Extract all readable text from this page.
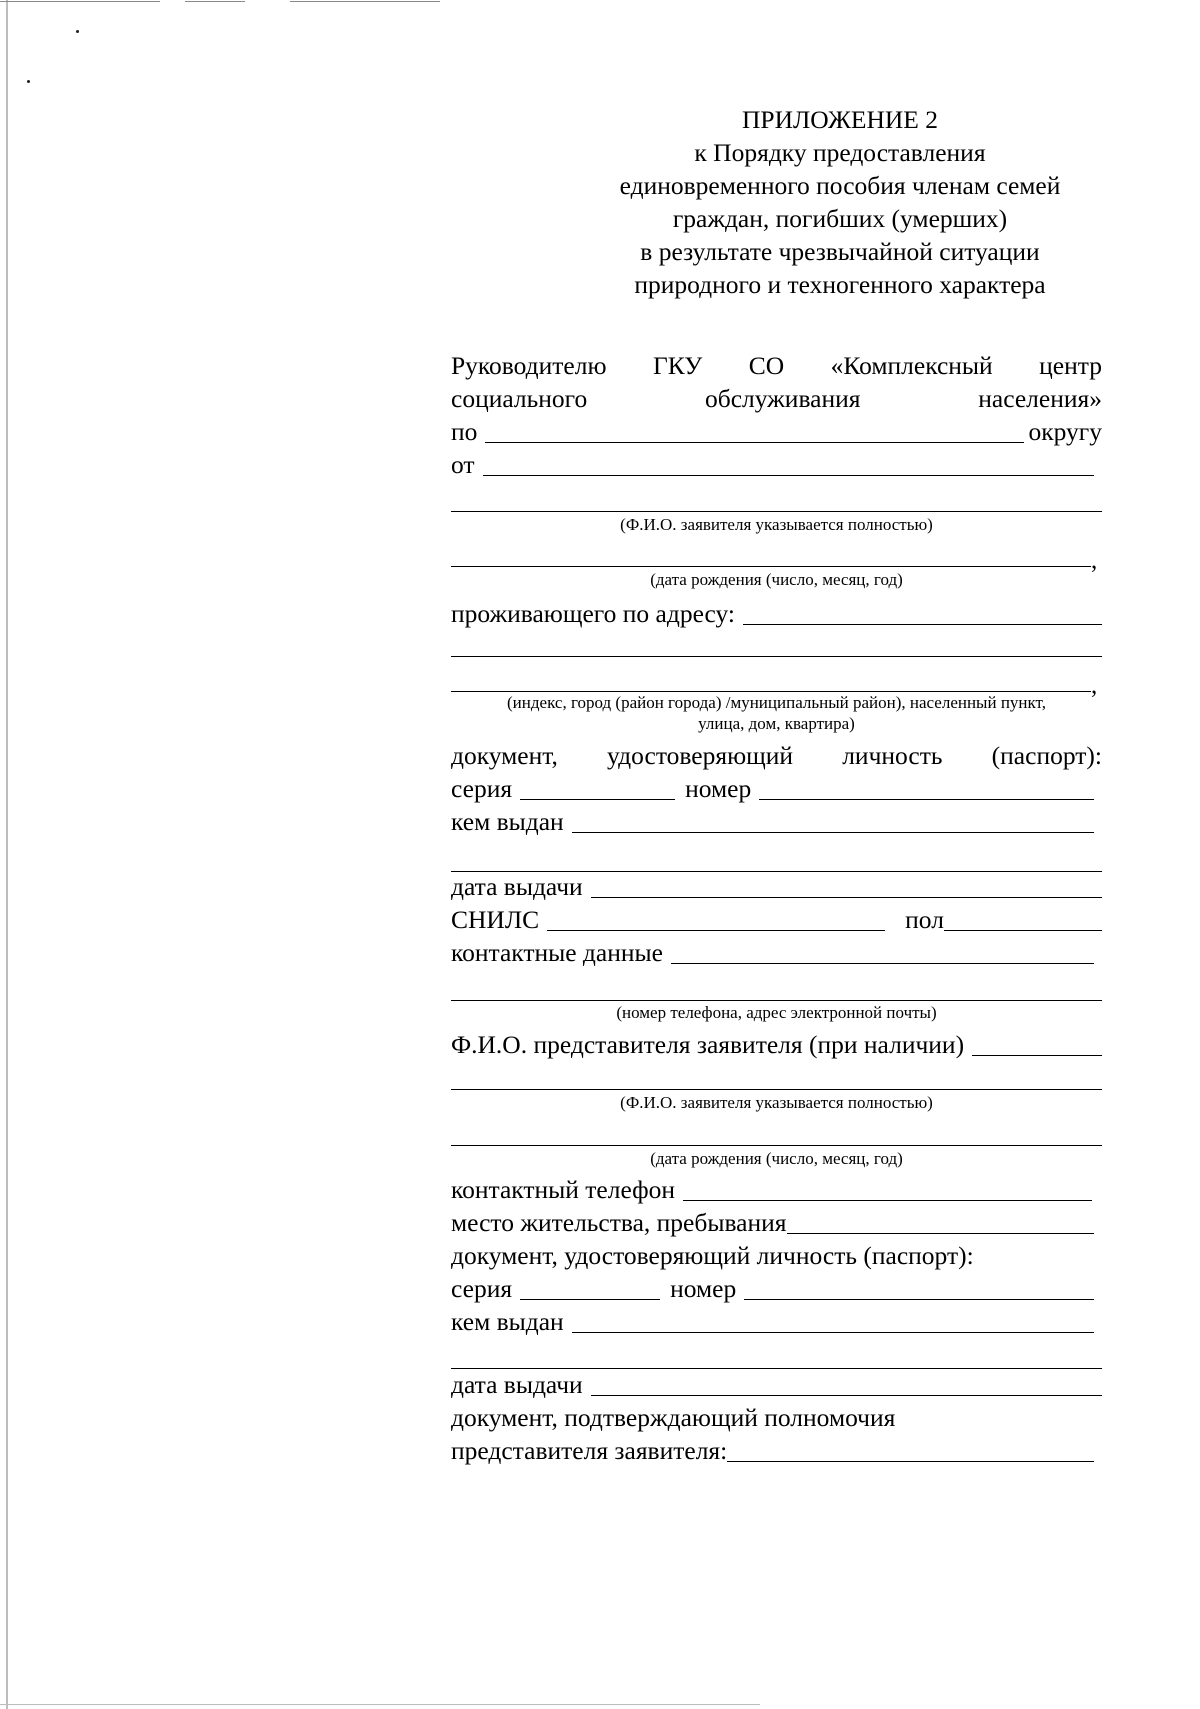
ПРИЛОЖЕНИЕ 2
к Порядку предоставления
единовременного пособия членам семей
граждан, погибших (умерших)
в результате чрезвычайной ситуации
природного и техногенного характера
Руководителю ГКУ СО «Комплексный центр
социального	обслуживания	населения»
по	округу
от
(Ф.И.О. заявителя указывается полностью)
,
(дата рождения (число, месяц, год)
проживающего по адресу:
,
(индекс, город (район города) /муниципальный район), населенный пункт,
улица, дом, квартира)
документ, удостоверяющий личность (паспорт):
серия	номер
кем выдан
дата выдачи
СНИЛС	пол
контактные данные
(номер телефона, адрес электронной почты)
Ф.И.О. представителя заявителя (при наличии)
(Ф.И.О. заявителя указывается полностью)
(дата рождения (число, месяц, год)
контактный телефон
место жительства, пребывания
документ, удостоверяющий личность (паспорт):
серия	номер
кем выдан
дата выдачи
документ, подтверждающий полномочия
представителя заявителя:
